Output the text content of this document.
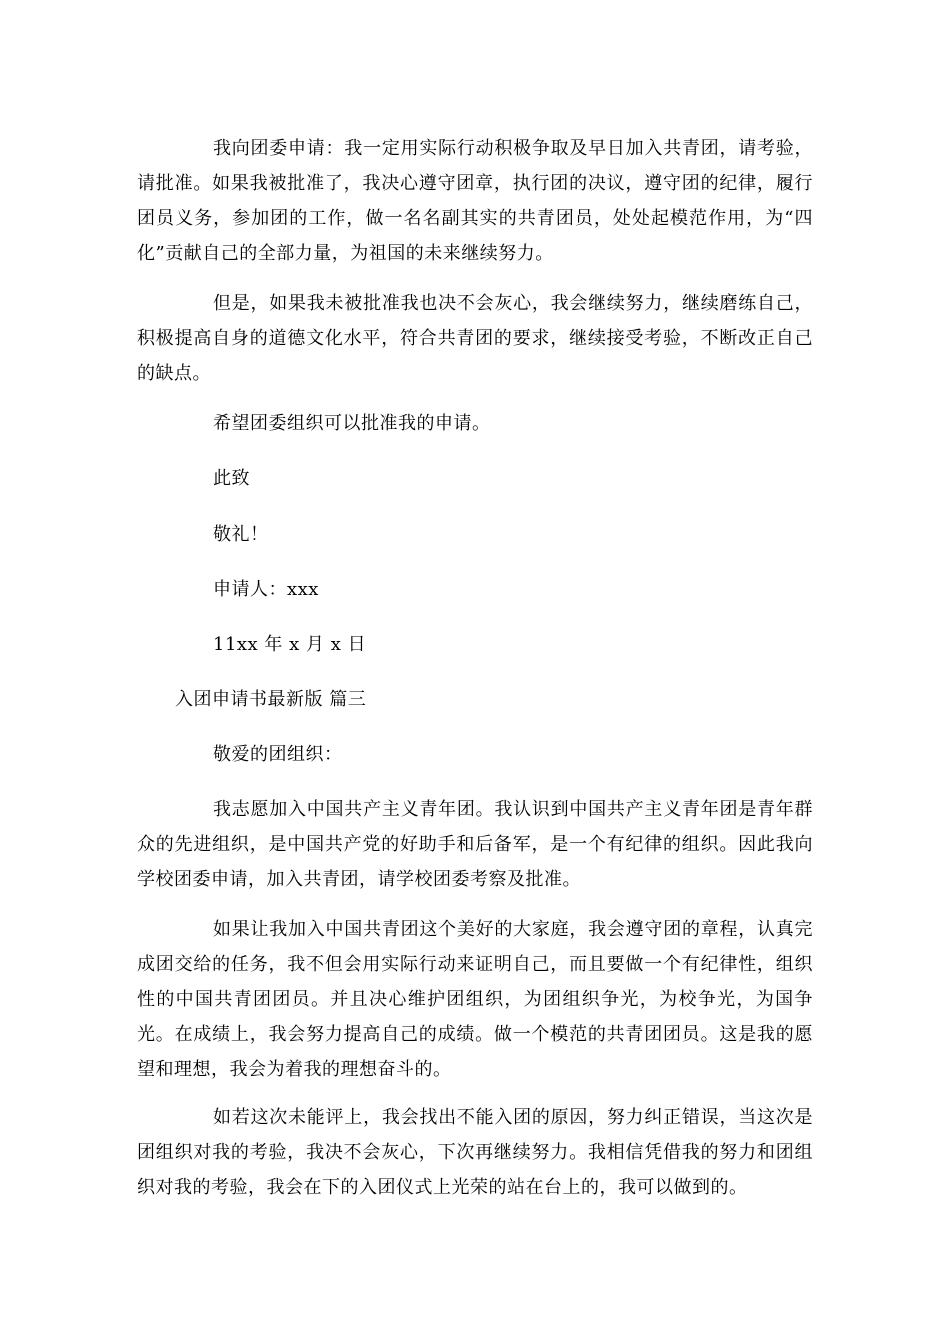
我向团委申请：我一定用实际行动积极争取及早日加入共青团，请考验，请批准。如果我被批准了，我决心遵守团章，执行团的决议，遵守团的纪律，履行团员义务，参加团的工作，做一名名副其实的共青团员，处处起模范作用，为“四化”贡献自己的全部力量，为祖国的未来继续努力。

但是，如果我未被批准我也决不会灰心，我会继续努力，继续磨练自己，积极提高自身的道德文化水平，符合共青团的要求，继续接受考验，不断改正自己的缺点。

希望团委组织可以批准我的申请。

此致

敬礼！

申请人：xxx

11xx 年 x 月 x 日

入团申请书最新版 篇三

敬爱的团组织：

我志愿加入中国共产主义青年团。我认识到中国共产主义青年团是青年群众的先进组织，是中国共产党的好助手和后备军，是一个有纪律的组织。因此我向学校团委申请，加入共青团，请学校团委考察及批准。

如果让我加入中国共青团这个美好的大家庭，我会遵守团的章程，认真完成团交给的任务，我不但会用实际行动来证明自己，而且要做一个有纪律性，组织性的中国共青团团员。并且决心维护团组织，为团组织争光，为校争光，为国争光。在成绩上，我会努力提高自己的成绩。做一个模范的共青团团员。这是我的愿望和理想，我会为着我的理想奋斗的。

如若这次未能评上，我会找出不能入团的原因，努力纠正错误，当这次是团组织对我的考验，我决不会灰心，下次再继续努力。我相信凭借我的努力和团组织对我的考验，我会在下的入团仪式上光荣的站在台上的，我可以做到的。
